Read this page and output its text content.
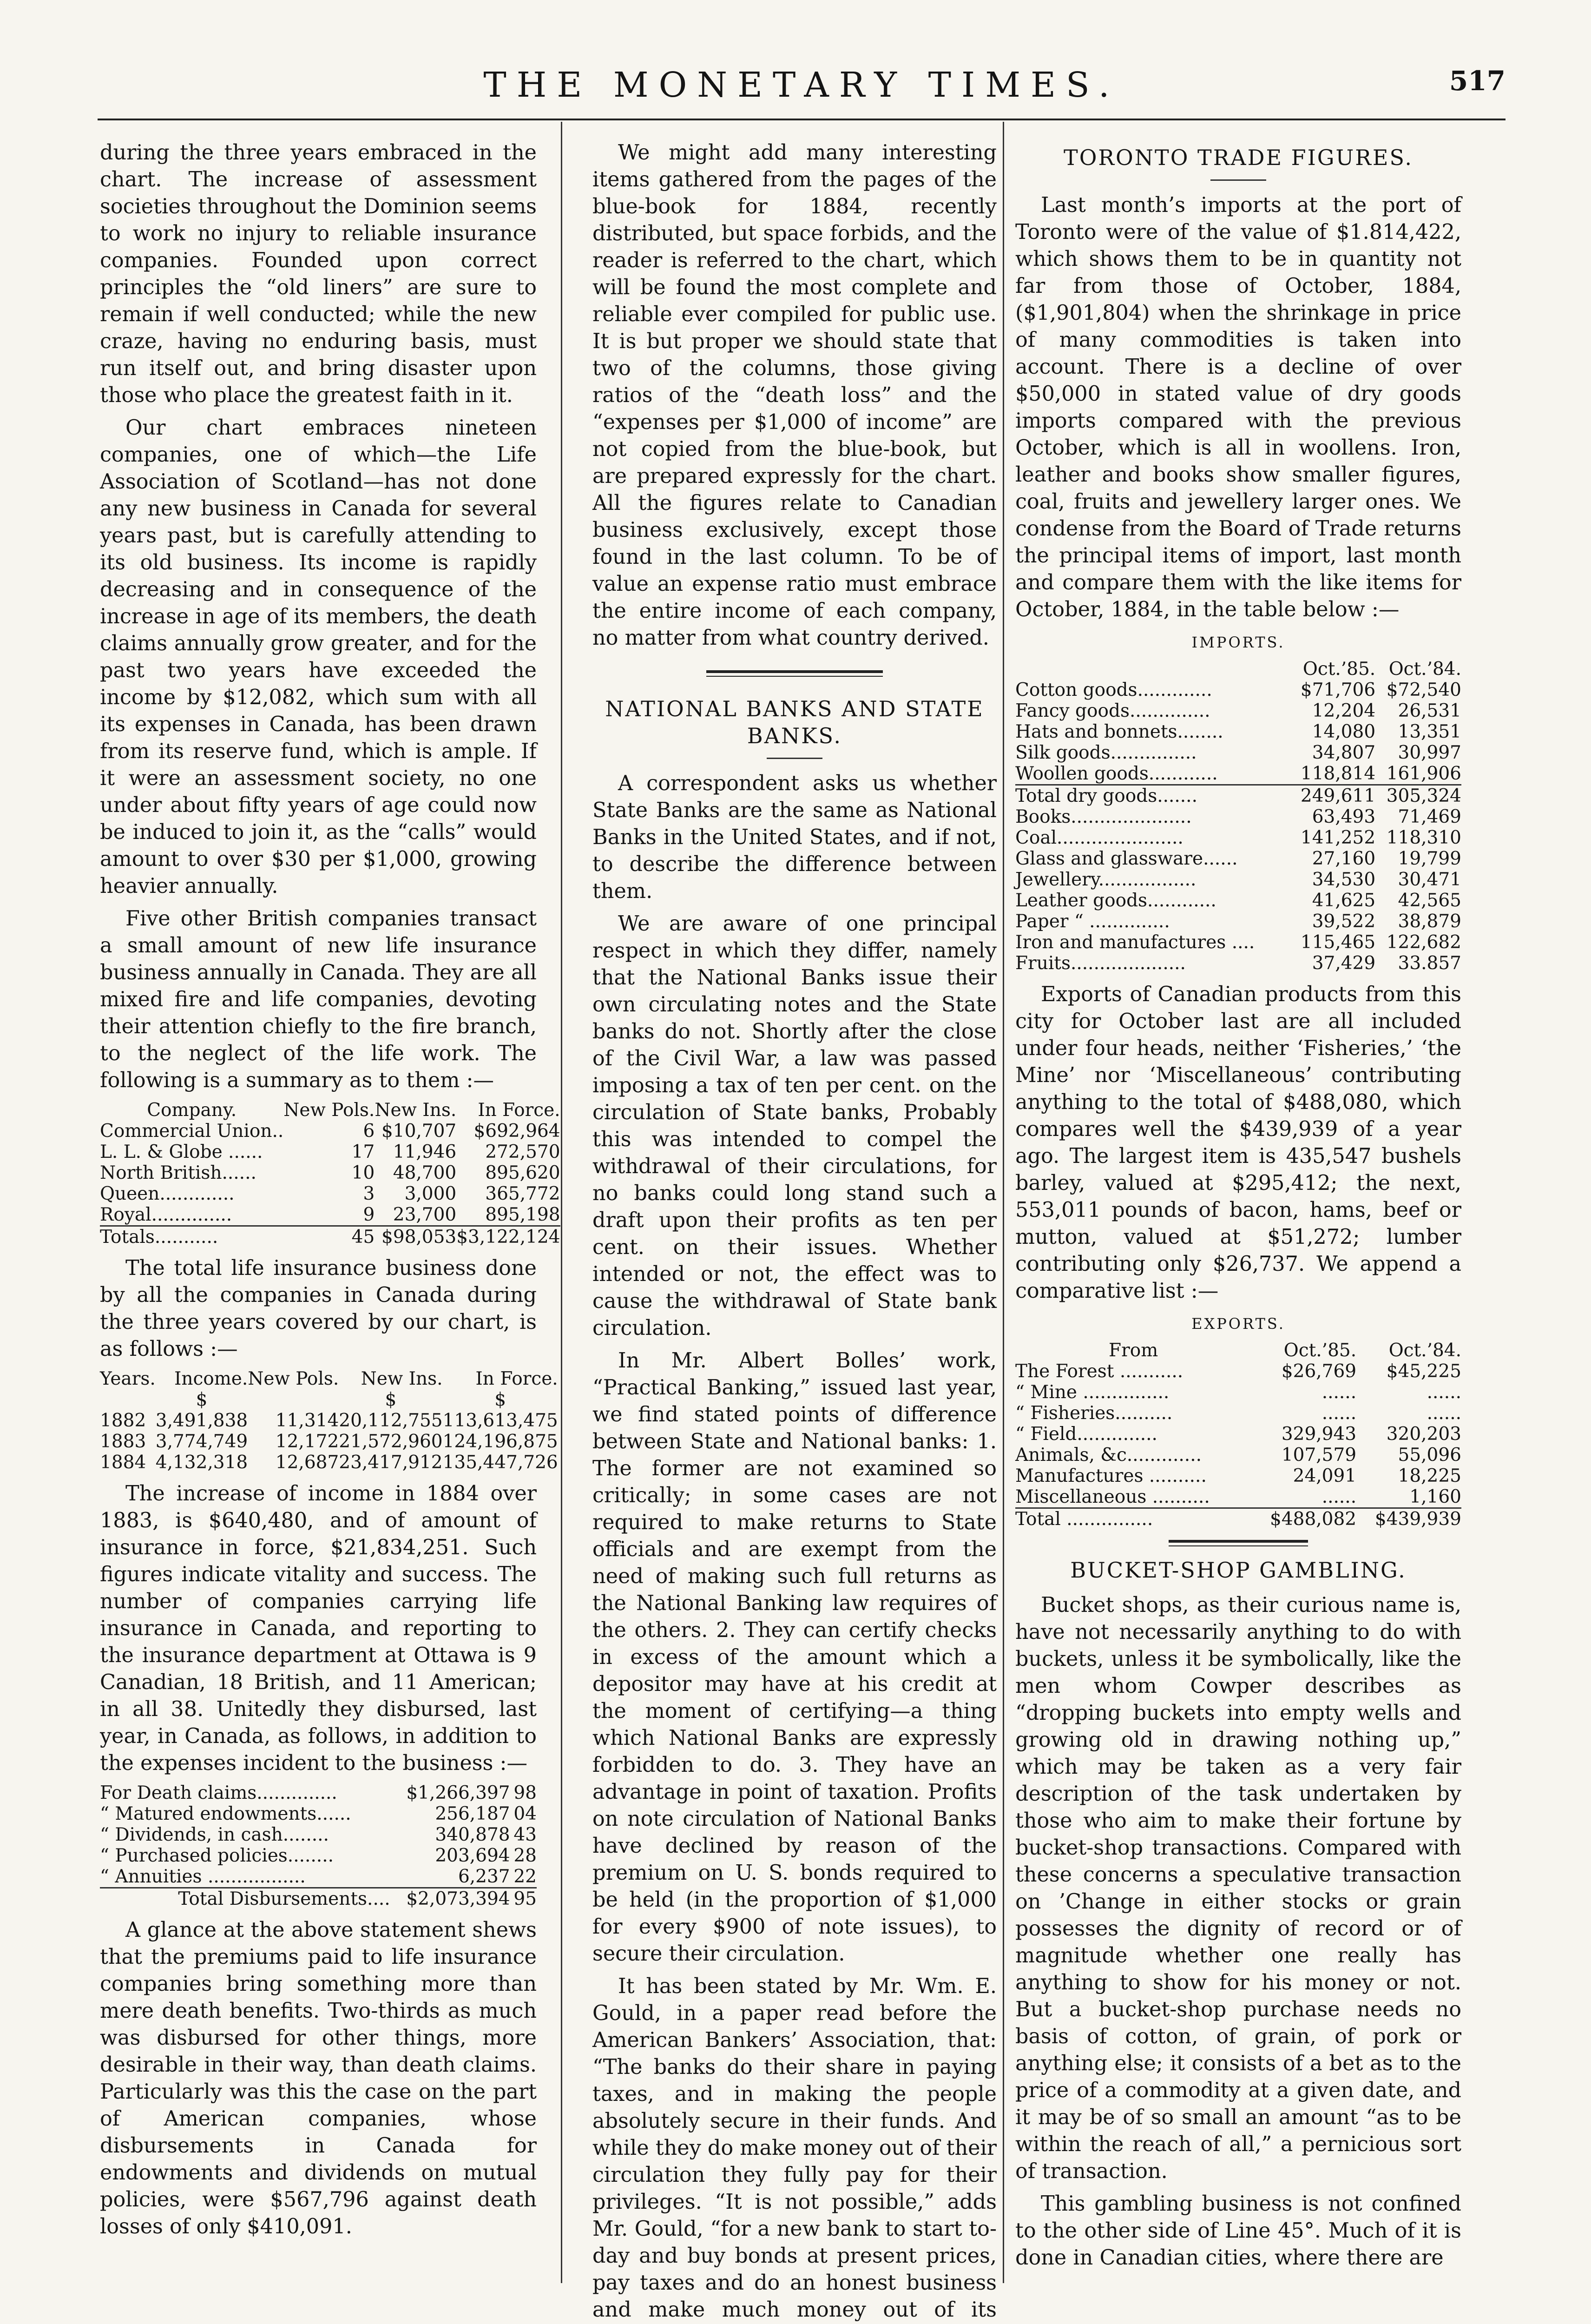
THE MONETARY TIMES.	517

during the three years embraced in the chart. The increase of assessment societies throughout the Dominion seems to work no injury to reliable insurance companies. Founded upon correct principles the “old liners” are sure to remain if well conducted; while the new craze, having no enduring basis, must run itself out, and bring disaster upon those who place the greatest faith in it.

Our chart embraces nineteen companies, one of which—the Life Association of Scotland—has not done any new business in Canada for several years past, but is carefully attending to its old business. Its income is rapidly decreasing and in consequence of the increase in age of its members, the death claims annually grow greater, and for the past two years have exceeded the income by $12,082, which sum with all its expenses in Canada, has been drawn from its reserve fund, which is ample. If it were an assessment society, no one under about fifty years of age could now be induced to join it, as the “calls” would amount to over $30 per $1,000, growing heavier annually.

Five other British companies transact a small amount of new life insurance business annually in Canada. They are all mixed fire and life companies, devoting their attention chiefly to the fire branch, to the neglect of the life work. The following is a summary as to them :—

Company.	New Pols.	New Ins.	In Force.
Commercial Union..	6	$10,707	$692,964
L. L. & Globe ......	17	11,946	272,570
North British......	10	48,700	895,620
Queen.............	3	3,000	365,772
Royal..............	9	23,700	895,198
Totals...........	45	$98,053	$3,122,124

The total life insurance business done by all the companies in Canada during the three years covered by our chart, is as follows :—

Years.	Income.	New Pols.	New Ins.	In Force.
	$		$	$
1882	3,491,838	11,314	20,112,755	113,613,475
1883	3,774,749	12,172	21,572,960	124,196,875
1884	4,132,318	12,687	23,417,912	135,447,726

The increase of income in 1884 over 1883, is $640,480, and of amount of insurance in force, $21,834,251. Such figures indicate vitality and success. The number of companies carrying life insurance in Canada, and reporting to the insurance department at Ottawa is 9 Canadian, 18 British, and 11 American; in all 38. Unitedly they disbursed, last year, in Canada, as follows, in addition to the expenses incident to the business :—

For Death claims..............	$1,266,397	98
“ Matured endowments......	256,187	04
“ Dividends, in cash........	340,878	43
“ Purchased policies........	203,694	28
“ Annuities .................	6,237	22
Total Disbursements....	$2,073,394	95

A glance at the above statement shews that the premiums paid to life insurance companies bring something more than mere death benefits. Two-thirds as much was disbursed for other things, more desirable in their way, than death claims. Particularly was this the case on the part of American companies, whose disbursements in Canada for endowments and dividends on mutual policies, were $567,796 against death losses of only $410,091.

We might add many interesting items gathered from the pages of the blue-book for 1884, recently distributed, but space forbids, and the reader is referred to the chart, which will be found the most complete and reliable ever compiled for public use. It is but proper we should state that two of the columns, those giving ratios of the “death loss” and the “expenses per $1,000 of income” are not copied from the blue-book, but are prepared expressly for the chart. All the figures relate to Canadian business exclusively, except those found in the last column. To be of value an expense ratio must embrace the entire income of each company, no matter from what country derived.

NATIONAL BANKS AND STATE BANKS.

A correspondent asks us whether State Banks are the same as National Banks in the United States, and if not, to describe the difference between them.

We are aware of one principal respect in which they differ, namely that the National Banks issue their own circulating notes and the State banks do not. Shortly after the close of the Civil War, a law was passed imposing a tax of ten per cent. on the circulation of State banks, Probably this was intended to compel the withdrawal of their circulations, for no banks could long stand such a draft upon their profits as ten per cent. on their issues. Whether intended or not, the effect was to cause the withdrawal of State bank circulation.

In Mr. Albert Bolles’ work, “Practical Banking,” issued last year, we find stated points of difference between State and National banks: 1. The former are not examined so critically; in some cases are not required to make returns to State officials and are exempt from the need of making such full returns as the National Banking law requires of the others. 2. They can certify checks in excess of the amount which a depositor may have at his credit at the moment of certifying—a thing which National Banks are expressly forbidden to do. 3. They have an advantage in point of taxation. Profits on note circulation of National Banks have declined by reason of the premium on U. S. bonds required to be held (in the proportion of $1,000 for every $900 of note issues), to secure their circulation.

It has been stated by Mr. Wm. E. Gould, in a paper read before the American Bankers’ Association, that: “The banks do their share in paying taxes, and in making the people absolutely secure in their funds. And while they do make money out of their circulation they fully pay for their privileges. “It is not possible,” adds Mr. Gould, “for a new bank to start to-day and buy bonds at present prices, pay taxes and do an honest business and make much money out of its

TORONTO TRADE FIGURES.

Last month’s imports at the port of Toronto were of the value of $1.814,422, which shows them to be in quantity not far from those of October, 1884, ($1,901,804) when the shrinkage in price of many commodities is taken into account. There is a decline of over $50,000 in stated value of dry goods imports compared with the previous October, which is all in woollens. Iron, leather and books show smaller figures, coal, fruits and jewellery larger ones. We condense from the Board of Trade returns the principal items of import, last month and compare them with the like items for October, 1884, in the table below :—

IMPORTS.
	Oct.’85.	Oct.’84.
Cotton goods.............	$71,706	$72,540
Fancy goods..............	12,204	26,531
Hats and bonnets........	14,080	13,351
Silk goods...............	34,807	30,997
Woollen goods............	118,814	161,906
Total dry goods.......	249,611	305,324
Books.....................	63,493	71,469
Coal......................	141,252	118,310
Glass and glassware......	27,160	19,799
Jewellery.................	34,530	30,471
Leather goods............	41,625	42,565
Paper “ ..............	39,522	38,879
Iron and manufactures ....	115,465	122,682
Fruits....................	37,429	33.857

Exports of Canadian products from this city for October last are all included under four heads, neither ‘Fisheries,’ ‘the Mine’ nor ‘Miscellaneous’ contributing anything to the total of $488,080, which compares well the $439,939 of a year ago. The largest item is 435,547 bushels barley, valued at $295,412; the next, 553,011 pounds of bacon, hams, beef or mutton, valued at $51,272; lumber contributing only $26,737. We append a comparative list :—

EXPORTS.
From	Oct.’85.	Oct.’84.
The Forest ...........	$26,769	$45,225
“ Mine ...............	......	......
“ Fisheries..........	......	......
“ Field..............	329,943	320,203
Animals, &c.............	107,579	55,096
Manufactures ..........	24,091	18,225
Miscellaneous ..........	......	1,160
Total ...............	$488,082	$439,939
BUCKET-SHOP GAMBLING.

Bucket shops, as their curious name is, have not necessarily anything to do with buckets, unless it be symbolically, like the men whom Cowper describes as “dropping buckets into empty wells and growing old in drawing nothing up,” which may be taken as a very fair description of the task undertaken by those who aim to make their fortune by bucket-shop transactions. Compared with these concerns a speculative transaction on ’Change in either stocks or grain possesses the dignity of record or of magnitude whether one really has anything to show for his money or not. But a bucket-shop purchase needs no basis of cotton, of grain, of pork or anything else; it consists of a bet as to the price of a commodity at a given date, and it may be of so small an amount “as to be within the reach of all,” a pernicious sort of transaction.

This gambling business is not confined to the other side of Line 45°. Much of it is done in Canadian cities, where there are
